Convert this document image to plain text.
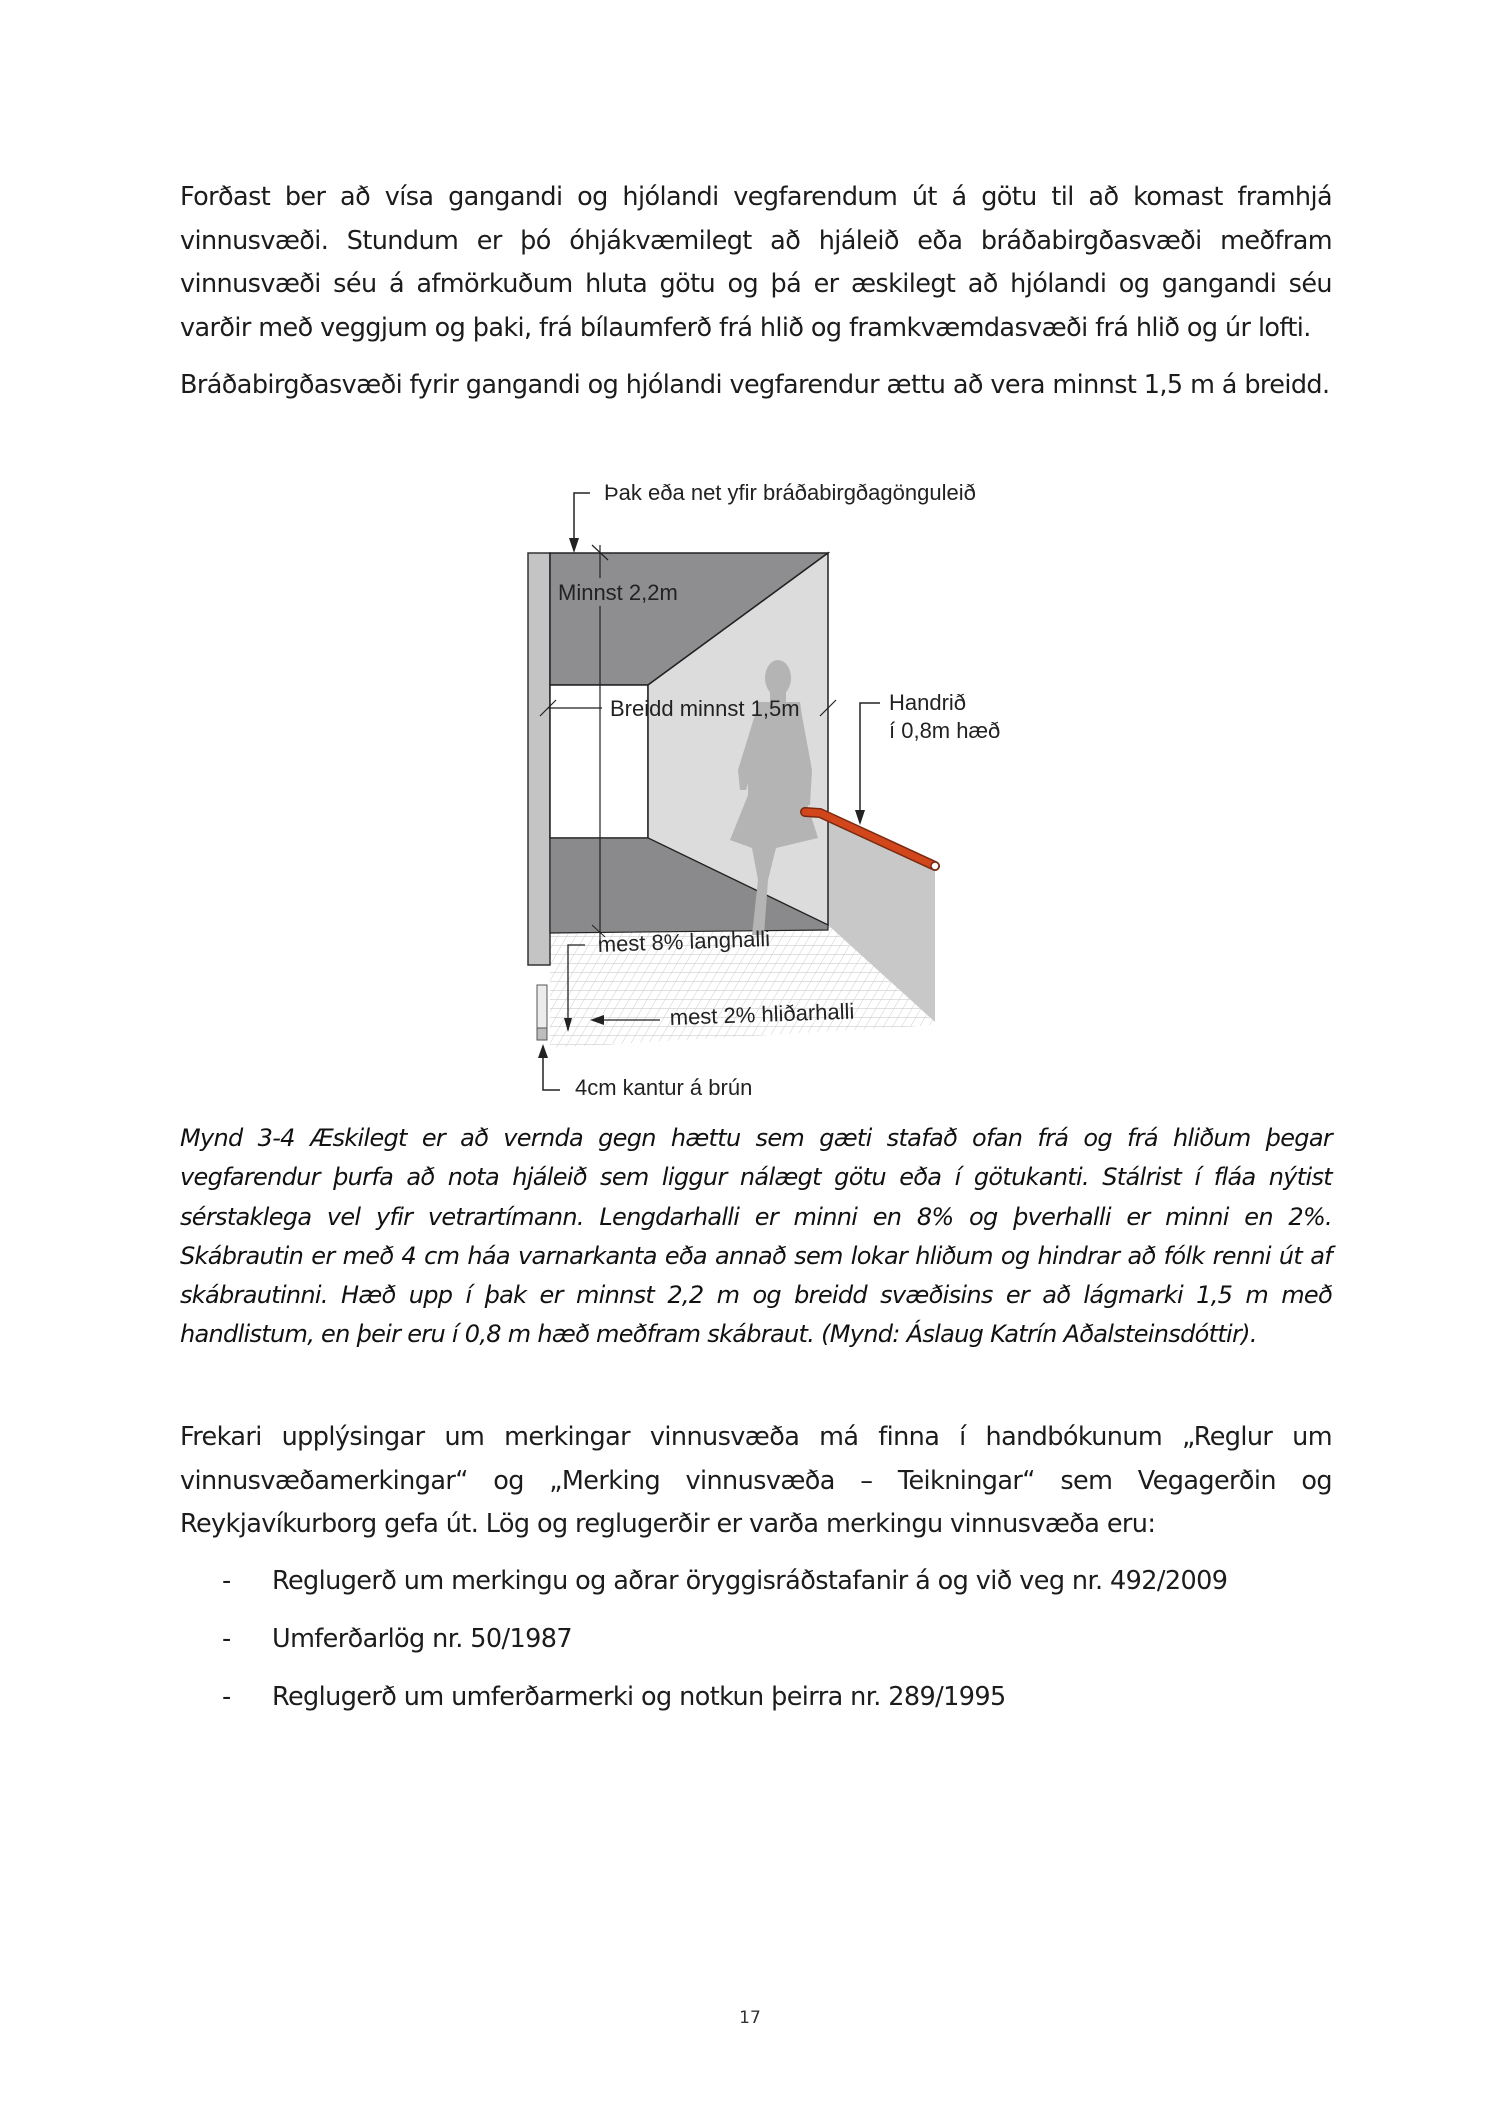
Forðast ber að vísa gangandi og hjólandi vegfarendum út á götu til að komast framhjá vinnusvæði. Stundum er þó óhjákvæmilegt að hjáleið eða bráðabirgðasvæði meðfram vinnusvæði séu á afmörkuðum hluta götu og þá er æskilegt að hjólandi og gangandi séu varðir með veggjum og þaki, frá bílaumferð frá hlið og framkvæmdasvæði frá hlið og úr lofti.

Bráðabirgðasvæði fyrir gangandi og hjólandi vegfarendur ættu að vera minnst 1,5 m á breidd.

Þak eða net yfir bráðabirgðagönguleið
Minnst 2,2m
Breidd minnst 1,5m	Handrið
í 0,8m hæð
mest 8% langhalli
mest 2% hliðarhalli
4cm kantur á brún

Mynd 3-4 Æskilegt er að vernda gegn hættu sem gæti stafað ofan frá og frá hliðum þegar vegfarendur þurfa að nota hjáleið sem liggur nálægt götu eða í götukanti. Stálrist í fláa nýtist sérstaklega vel yfir vetrartímann. Lengdarhalli er minni en 8% og þverhalli er minni en 2%. Skábrautin er með 4 cm háa varnarkanta eða annað sem lokar hliðum og hindrar að fólk renni út af skábrautinni. Hæð upp í þak er minnst 2,2 m og breidd svæðisins er að lágmarki 1,5 m með handlistum, en þeir eru í 0,8 m hæð meðfram skábraut. (Mynd: Áslaug Katrín Aðalsteinsdóttir).

Frekari upplýsingar um merkingar vinnusvæða má finna í handbókunum „Reglur um vinnusvæðamerkingar“ og „Merking vinnusvæða – Teikningar“ sem Vegagerðin og Reykjavíkurborg gefa út. Lög og reglugerðir er varða merkingu vinnusvæða eru:

- Reglugerð um merkingu og aðrar öryggisráðstafanir á og við veg nr. 492/2009
- Umferðarlög nr. 50/1987
- Reglugerð um umferðarmerki og notkun þeirra nr. 289/1995
17
